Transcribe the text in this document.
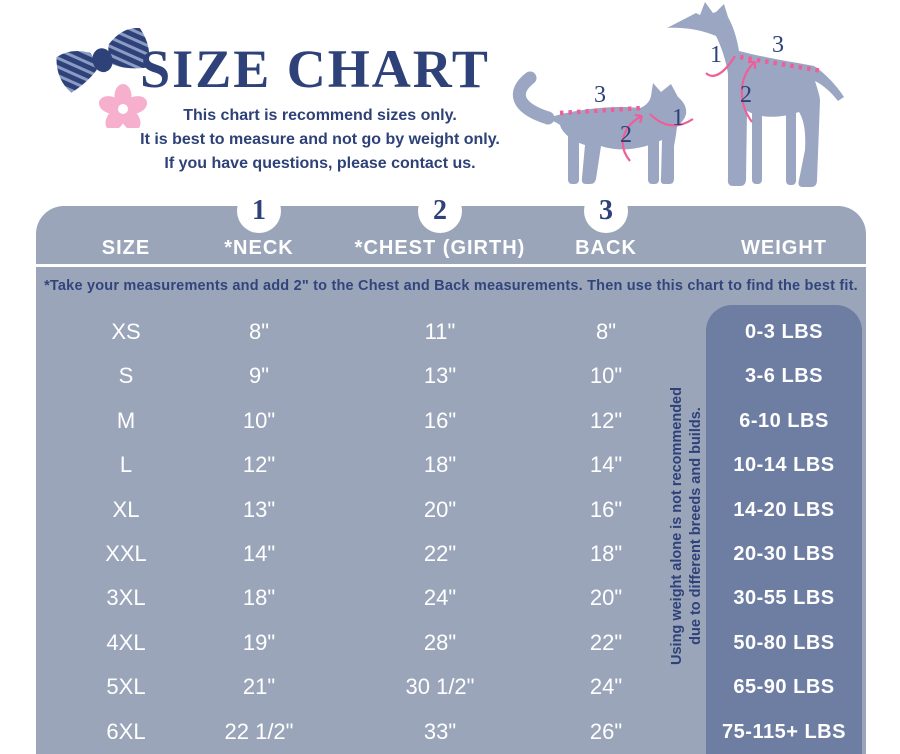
SIZE CHART
This chart is recommend sizes only.
It is best to measure and not go by weight only.
If you have questions, please contact us.
3
1
2
1 3
2
1	2	3
SIZE	*NECK	*CHEST (GIRTH)	BACK	WEIGHT
*Take your measurements and add 2" to the Chest and Back measurements. Then use this chart to find the best fit.
Using weight alone is not recommended due to different breeds and builds.
XS	8"	11"	8"	0-3 LBS
S	9"	13"	10"	3-6 LBS
M	10"	16"	12"	6-10 LBS
L	12"	18"	14"	10-14 LBS
XL	13"	20"	16"	14-20 LBS
XXL	14"	22"	18"	20-30 LBS
3XL	18"	24"	20"	30-55 LBS
4XL	19"	28"	22"	50-80 LBS
5XL	21"	30 1/2"	24"	65-90 LBS
6XL	22 1/2"	33"	26"	75-115+ LBS
